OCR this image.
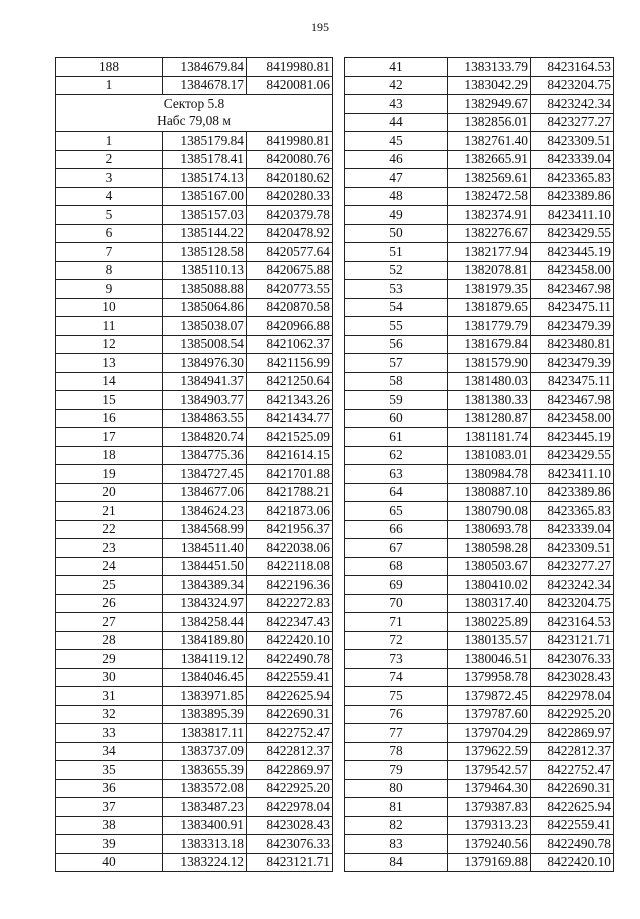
195
188	1384679.84	8419980.81
1	1384678.17	8420081.06

Сектор 5.8
Набс 79,08 м		

1	1385179.84	8419980.81
2	1385178.41	8420080.76
3	1385174.13	8420180.62
4	1385167.00	8420280.33
5	1385157.03	8420379.78
6	1385144.22	8420478.92
7	1385128.58	8420577.64
8	1385110.13	8420675.88
9	1385088.88	8420773.55
10	1385064.86	8420870.58
11	1385038.07	8420966.88
12	1385008.54	8421062.37
13	1384976.30	8421156.99
14	1384941.37	8421250.64
15	1384903.77	8421343.26
16	1384863.55	8421434.77
17	1384820.74	8421525.09
18	1384775.36	8421614.15
19	1384727.45	8421701.88
20	1384677.06	8421788.21
21	1384624.23	8421873.06
22	1384568.99	8421956.37
23	1384511.40	8422038.06
24	1384451.50	8422118.08
25	1384389.34	8422196.36
26	1384324.97	8422272.83
27	1384258.44	8422347.43
28	1384189.80	8422420.10
29	1384119.12	8422490.78
30	1384046.45	8422559.41
31	1383971.85	8422625.94
32	1383895.39	8422690.31
33	1383817.11	8422752.47
34	1383737.09	8422812.37
35	1383655.39	8422869.97
36	1383572.08	8422925.20
37	1383487.23	8422978.04
38	1383400.91	8423028.43
39	1383313.18	8423076.33
40	1383224.12	8423121.71
41	1383133.79	8423164.53
42	1383042.29	8423204.75
43	1382949.67	8423242.34
44	1382856.01	8423277.27
45	1382761.40	8423309.51
46	1382665.91	8423339.04
47	1382569.61	8423365.83
48	1382472.58	8423389.86
49	1382374.91	8423411.10
50	1382276.67	8423429.55
51	1382177.94	8423445.19
52	1382078.81	8423458.00
53	1381979.35	8423467.98
54	1381879.65	8423475.11
55	1381779.79	8423479.39
56	1381679.84	8423480.81
57	1381579.90	8423479.39
58	1381480.03	8423475.11
59	1381380.33	8423467.98
60	1381280.87	8423458.00
61	1381181.74	8423445.19
62	1381083.01	8423429.55
63	1380984.78	8423411.10
64	1380887.10	8423389.86
65	1380790.08	8423365.83
66	1380693.78	8423339.04
67	1380598.28	8423309.51
68	1380503.67	8423277.27
69	1380410.02	8423242.34
70	1380317.40	8423204.75
71	1380225.89	8423164.53
72	1380135.57	8423121.71
73	1380046.51	8423076.33
74	1379958.78	8423028.43
75	1379872.45	8422978.04
76	1379787.60	8422925.20
77	1379704.29	8422869.97
78	1379622.59	8422812.37
79	1379542.57	8422752.47
80	1379464.30	8422690.31
81	1379387.83	8422625.94
82	1379313.23	8422559.41
83	1379240.56	8422490.78
84	1379169.88	8422420.10
